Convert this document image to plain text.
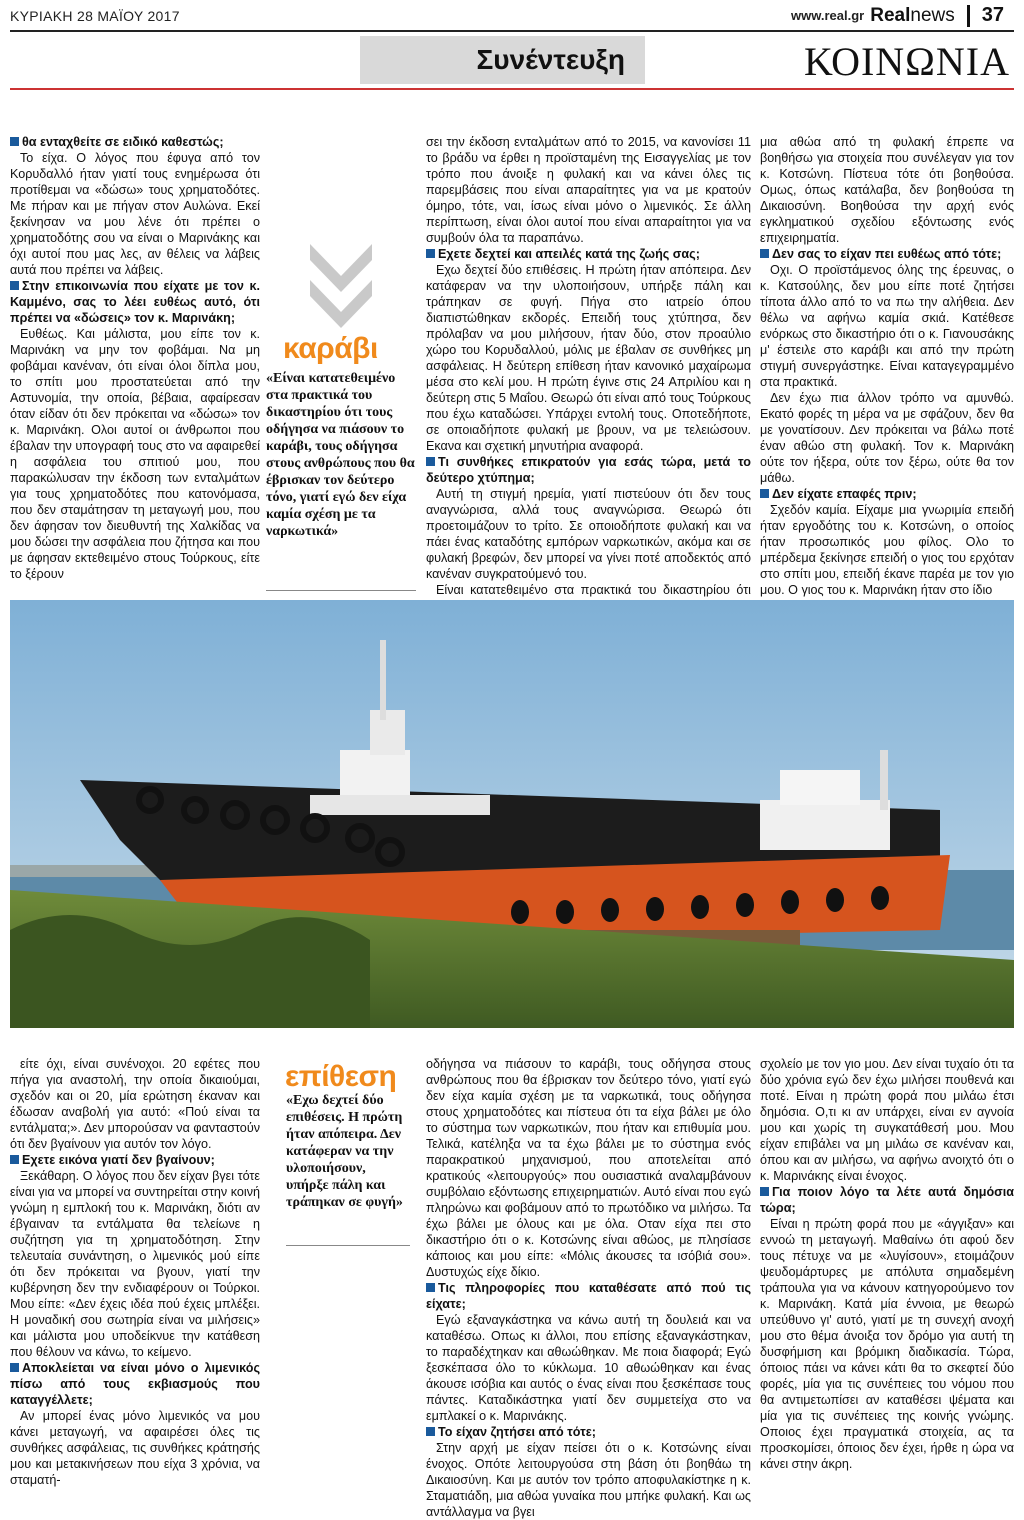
ΚΥΡΙΑΚΗ 28 ΜΑΪΟΥ 2017	www.real.gr Realnews 37
Συνέντευξη	ΚΟΙΝΩΝΙΑ

θα ενταχθείτε σε ειδικό καθεστώς;

Το είχα. Ο λόγος που έφυγα από τον Κορυδαλλό ήταν γιατί τους ενημέρωσα ότι προτίθεμαι να «δώσω» τους χρηματοδότες. Με πήραν και με πήγαν στον Αυλώνα. Εκεί ξεκίνησαν να μου λένε ότι πρέπει ο χρηματοδότης σου να είναι ο Μαρινάκης και όχι αυτοί που μας λες, αν θέλεις να λάβεις αυτά που πρέπει να λάβεις.

Στην επικοινωνία που είχατε με τον κ. Καμμένο, σας το λέει ευθέως αυτό, ότι πρέπει να «δώσεις» τον κ. Μαρινάκη;

Ευθέως. Και μάλιστα, μου είπε τον κ. Μαρινάκη να μην τον φοβάμαι. Να μη φοβάμαι κανέναν, ότι είναι όλοι δίπλα μου, το σπίτι μου προστατεύεται από την Αστυνομία, την οποία, βέβαια, αφαίρεσαν όταν είδαν ότι δεν πρόκειται να «δώσω» τον κ. Μαρινάκη. Ολοι αυτοί οι άνθρωποι που έβαλαν την υπογραφή τους στο να αφαιρεθεί η ασφάλεια του σπιτιού μου, που παρακώλυσαν την έκδοση των ενταλμάτων για τους χρηματοδότες που κατονόμασα, που δεν σταμάτησαν τη μεταγωγή μου, που δεν άφησαν τον διευθυντή της Χαλκίδας να μου δώσει την ασφάλεια που ζήτησα και που με άφησαν εκτεθειμένο στους Τούρκους, είτε το ξέρουν

σει την έκδοση ενταλμάτων από το 2015, να κανονίσει 11 το βράδυ να έρθει η προϊσταμένη της Εισαγγελίας με τον τρόπο που άνοιξε η φυλακή και να κάνει όλες τις παρεμβάσεις που είναι απαραίτητες για να με κρατούν όμηρο, τότε, ναι, ίσως είναι μόνο ο λιμενικός. Σε άλλη περίπτωση, είναι όλοι αυτοί που είναι απαραίτητοι για να συμβούν όλα τα παραπάνω.

Εχετε δεχτεί και απειλές κατά της ζωής σας;

Εχω δεχτεί δύο επιθέσεις. Η πρώτη ήταν απόπειρα. Δεν κατάφεραν να την υλοποιήσουν, υπήρξε πάλη και τράπηκαν σε φυγή. Πήγα στο ιατρείο όπου διαπιστώθηκαν εκδορές. Επειδή τους χτύπησα, δεν πρόλαβαν να μου μιλήσουν, ήταν δύο, στον προαύλιο χώρο του Κορυδαλλού, μόλις με έβαλαν σε συνθήκες μη ασφάλειας. Η δεύτερη επίθεση ήταν κανονικό μαχαίρωμα μέσα στο κελί μου. Η πρώτη έγινε στις 24 Απριλίου και η δεύτερη στις 5 Μαΐου. Θεωρώ ότι είναι από τους Τούρκους που έχω καταδώσει. Υπάρχει εντολή τους. Οποτεδήποτε, σε οποιαδήποτε φυλακή με βρουν, να με τελειώσουν. Εκανα και σχετική μηνυτήρια αναφορά.

Τι συνθήκες επικρατούν για εσάς τώρα, μετά το δεύτερο χτύπημα;

Αυτή τη στιγμή ηρεμία, γιατί πιστεύουν ότι δεν τους αναγνώρισα, αλλά τους αναγνώρισα. Θεωρώ ότι προετοιμάζουν το τρίτο. Σε οποιοδήποτε φυλακή και να πάει ένας καταδότης εμπόρων ναρκωτικών, ακόμα και σε φυλακή βρεφών, δεν μπορεί να γίνει ποτέ αποδεκτός από κανέναν συγκρατούμενό του.

Είναι κατατεθειμένο στα πρακτικά του δικαστηρίου ότι

μια αθώα από τη φυλακή έπρεπε να βοηθήσω για στοιχεία που συνέλεγαν για τον κ. Κοτσώνη. Πίστευα τότε ότι βοηθούσα. Ομως, όπως κατάλαβα, δεν βοηθούσα τη Δικαιοσύνη. Βοηθούσα την αρχή ενός εγκληματικού σχεδίου εξόντωσης ενός επιχειρηματία.

Δεν σας το είχαν πει ευθέως από τότε;

Οχι. Ο προϊστάμενος όλης της έρευνας, ο κ. Κατσούλης, δεν μου είπε ποτέ ζητήσει τίποτα άλλο από το να πω την αλήθεια. Δεν θέλω να αφήνω καμία σκιά. Κατέθεσε ενόρκως στο δικαστήριο ότι ο κ. Γιανουσάκης μ' έστειλε στο καράβι και από την πρώτη στιγμή συνεργάστηκε. Είναι καταγεγραμμένο στα πρακτικά.

Δεν έχω πια άλλον τρόπο να αμυνθώ. Εκατό φορές τη μέρα να με σφάζουν, δεν θα με γονατίσουν. Δεν πρόκειται να βάλω ποτέ έναν αθώο στη φυλακή. Τον κ. Μαρινάκη ούτε τον ήξερα, ούτε τον ξέρω, ούτε θα τον μάθω.

Δεν είχατε επαφές πριν;

Σχεδόν καμία. Είχαμε μια γνωριμία επειδή ήταν εργοδότης του κ. Κοτσώνη, ο οποίος ήταν προσωπικός μου φίλος. Ολο το μπέρδεμα ξεκίνησε επειδή ο γιος του ερχόταν στο σπίτι μου, επειδή έκανε παρέα με τον γιο μου. Ο γιος του κ. Μαρινάκη ήταν στο ίδιο

καράβι
«Είναι κατατεθειμένο στα πρακτικά του δικαστηρίου ότι τους οδήγησα να πιάσουν το καράβι, τους οδήγησα στους ανθρώπους που θα έβρισκαν τον δεύτερο τόνο, γιατί εγώ δεν είχα καμία σχέση με τα ναρκωτικά»

είτε όχι, είναι συνένοχοι. 20 εφέτες που πήγα για αναστολή, την οποία δικαιούμαι, σχεδόν και οι 20, μία ερώτηση έκαναν και έδωσαν αναβολή για αυτό: «Πού είναι τα εντάλματα;». Δεν μπορούσαν να φανταστούν ότι δεν βγαίνουν για αυτόν τον λόγο.

Εχετε εικόνα γιατί δεν βγαίνουν;

Ξεκάθαρη. Ο λόγος που δεν είχαν βγει τότε είναι για να μπορεί να συντηρείται στην κοινή γνώμη η εμπλοκή του κ. Μαρινάκη, διότι αν έβγαιναν τα εντάλματα θα τελείωνε η συζήτηση για τη χρηματοδότηση. Στην τελευταία συνάντηση, ο λιμενικός μού είπε ότι δεν πρόκειται να βγουν, γιατί την κυβέρνηση δεν την ενδιαφέρουν οι Τούρκοι. Μου είπε: «Δεν έχεις ιδέα πού έχεις μπλέξει. Η μοναδική σου σωτηρία είναι να μιλήσεις» και μάλιστα μου υποδείκνυε την κατάθεση που θέλουν να κάνω, το κείμενο.

Αποκλείεται να είναι μόνο ο λιμενικός πίσω από τους εκβιασμούς που καταγγέλλετε;

Αν μπορεί ένας μόνο λιμενικός να μου κάνει μεταγωγή, να αφαιρέσει όλες τις συνθήκες ασφάλειας, τις συνθήκες κράτησής μου και μετακινήσεων που είχα 3 χρόνια, να σταματή-

οδήγησα να πιάσουν το καράβι, τους οδήγησα στους ανθρώπους που θα έβρισκαν τον δεύτερο τόνο, γιατί εγώ δεν είχα καμία σχέση με τα ναρκωτικά, τους οδήγησα στους χρηματοδότες και πίστευα ότι τα είχα βάλει με όλο το σύστημα των ναρκωτικών, που ήταν και επιθυμία μου. Τελικά, κατέληξα να τα έχω βάλει με το σύστημα ενός παρακρατικού μηχανισμού, που αποτελείται από κρατικούς «λειτουργούς» που ουσιαστικά αναλαμβάνουν συμβόλαιο εξόντωσης επιχειρηματιών. Αυτό είναι που εγώ πληρώνω και φοβάμουν από το πρωτόδικο να μιλήσω. Τα έχω βάλει με όλους και με όλα. Οταν είχα πει στο δικαστήριο ότι ο κ. Κοτσώνης είναι αθώος, με πλησίασε κάποιος και μου είπε: «Μόλις άκουσες τα ισόβιά σου». Δυστυχώς είχε δίκιο.

Τις πληροφορίες που καταθέσατε από πού τις είχατε;

Εγώ εξαναγκάστηκα να κάνω αυτή τη δουλειά και να καταθέσω. Οπως κι άλλοι, που επίσης εξαναγκάστηκαν, το παραδέχτηκαν και αθωώθηκαν. Με ποια διαφορά; Εγώ ξεσκέπασα όλο το κύκλωμα. 10 αθωώθηκαν και ένας άκουσε ισόβια και αυτός ο ένας είναι που ξεσκέπασε τους πάντες. Καταδικάστηκα γιατί δεν συμμετείχα στο να εμπλακεί ο κ. Μαρινάκης.

Το είχαν ζητήσει από τότε;

Στην αρχή με είχαν πείσει ότι ο κ. Κοτσώνης είναι ένοχος. Οπότε λειτουργούσα στη βάση ότι βοηθάω τη Δικαιοσύνη. Και με αυτόν τον τρόπο αποφυλακίστηκε η κ. Σταματιάδη, μια αθώα γυναίκα που μπήκε φυλακή. Και ως αντάλλαγμα να βγει

σχολείο με τον γιο μου. Δεν είναι τυχαίο ότι τα δύο χρόνια εγώ δεν έχω μιλήσει πουθενά και ποτέ. Είναι η πρώτη φορά που μιλάω έτσι δημόσια. Ο,τι κι αν υπάρχει, είναι εν αγνοία μου και χωρίς τη συγκατάθεσή μου. Μου είχαν επιβάλει να μη μιλάω σε κανέναν και, όπου και αν μιλήσω, να αφήνω ανοιχτό ότι ο κ. Μαρινάκης είναι ένοχος.

Για ποιον λόγο τα λέτε αυτά δημόσια τώρα;

Είναι η πρώτη φορά που με «άγγιξαν» και εννοώ τη μεταγωγή. Μαθαίνω ότι αφού δεν τους πέτυχε να με «λυγίσουν», ετοιμάζουν ψευδομάρτυρες με απόλυτα σημαδεμένη τράπουλα για να κάνουν κατηγορούμενο τον κ. Μαρινάκη. Κατά μία έννοια, με θεωρώ υπεύθυνο γι' αυτό, γιατί με τη συνεχή ανοχή μου στο θέμα άνοιξα τον δρόμο για αυτή τη δυσφήμιση και βρόμικη διαδικασία. Τώρα, όποιος πάει να κάνει κάτι θα το σκεφτεί δύο φορές, μία για τις συνέπειες του νόμου που θα αντιμετωπίσει αν καταθέσει ψέματα και μία για τις συνέπειες της κοινής γνώμης. Οποιος έχει πραγματικά στοιχεία, ας τα προσκομίσει, όποιος δεν έχει, ήρθε η ώρα να κάνει στην άκρη.

επίθεση
«Εχω δεχτεί δύο επιθέσεις. Η πρώτη ήταν απόπειρα. Δεν κατάφεραν να την υλοποιήσουν, υπήρξε πάλη και τράπηκαν σε φυγή»
